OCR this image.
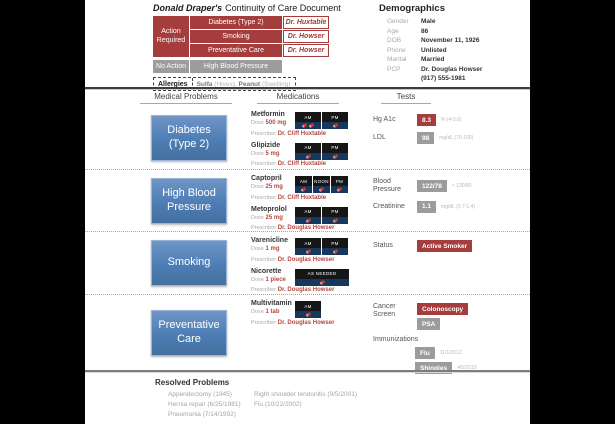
Donald Draper's Continuity of Care Document
Action Required
Diabetes (Type 2)	Dr. Huxtable
Smoking	Dr. Howser
Preventative Care	Dr. Howser
No Action	High Blood Pressure
Allergies	Sulfa (Hives), Peanut (Swelling)
Demographics
Gender	Male
Age	86
DOB	November 11, 1926
Phone	Unlisted
Marital	Married
PCP	Dr. Douglas Howser
(917) 555-1981
Medical Problems	Medications	Tests
Diabetes (Type 2)
Metformin
Dose 500 mg
AM	PM
Prescriber Dr. Cliff Huxtable
Glipizide
Dose 5 mg
AM	PM
Prescriber Dr. Cliff Huxtable
Hg A1c	8.3	% (4-5.6)
LDL	98	mg/dL (70-100)
High Blood Pressure
Captopril
Dose 25 mg
AM	NOON	PM
Prescriber Dr. Cliff Huxtable
Metoprolol
Dose 25 mg
AM	PM
Prescriber Dr. Douglas Howser
Blood Pressure	122/78	< 130/80
Creatinine	1.1	mg/dL (0.7-1.4)
Smoking
Varenicline
Dose 1 mg
AM	PM
Prescriber Dr. Douglas Howser
Nicorette
Dose 1 piece
AS NEEDED
Prescriber Dr. Douglas Howser
Status	Active Smoker
Preventative Care
Multivitamin
Dose 1 tab
AM
Prescriber Dr. Douglas Howser
Cancer Screen
Colonoscopy
PSA
Immunizations
Flu	11/1/2012
Shingles	4/5/2010
Resolved Problems
Appendectomy (1945)
Hernia repair (6/25/1981)
Pneumonia (7/14/1992)
Right shoulder tendonitis (9/5/2001)
Flu (10/22/2002)
